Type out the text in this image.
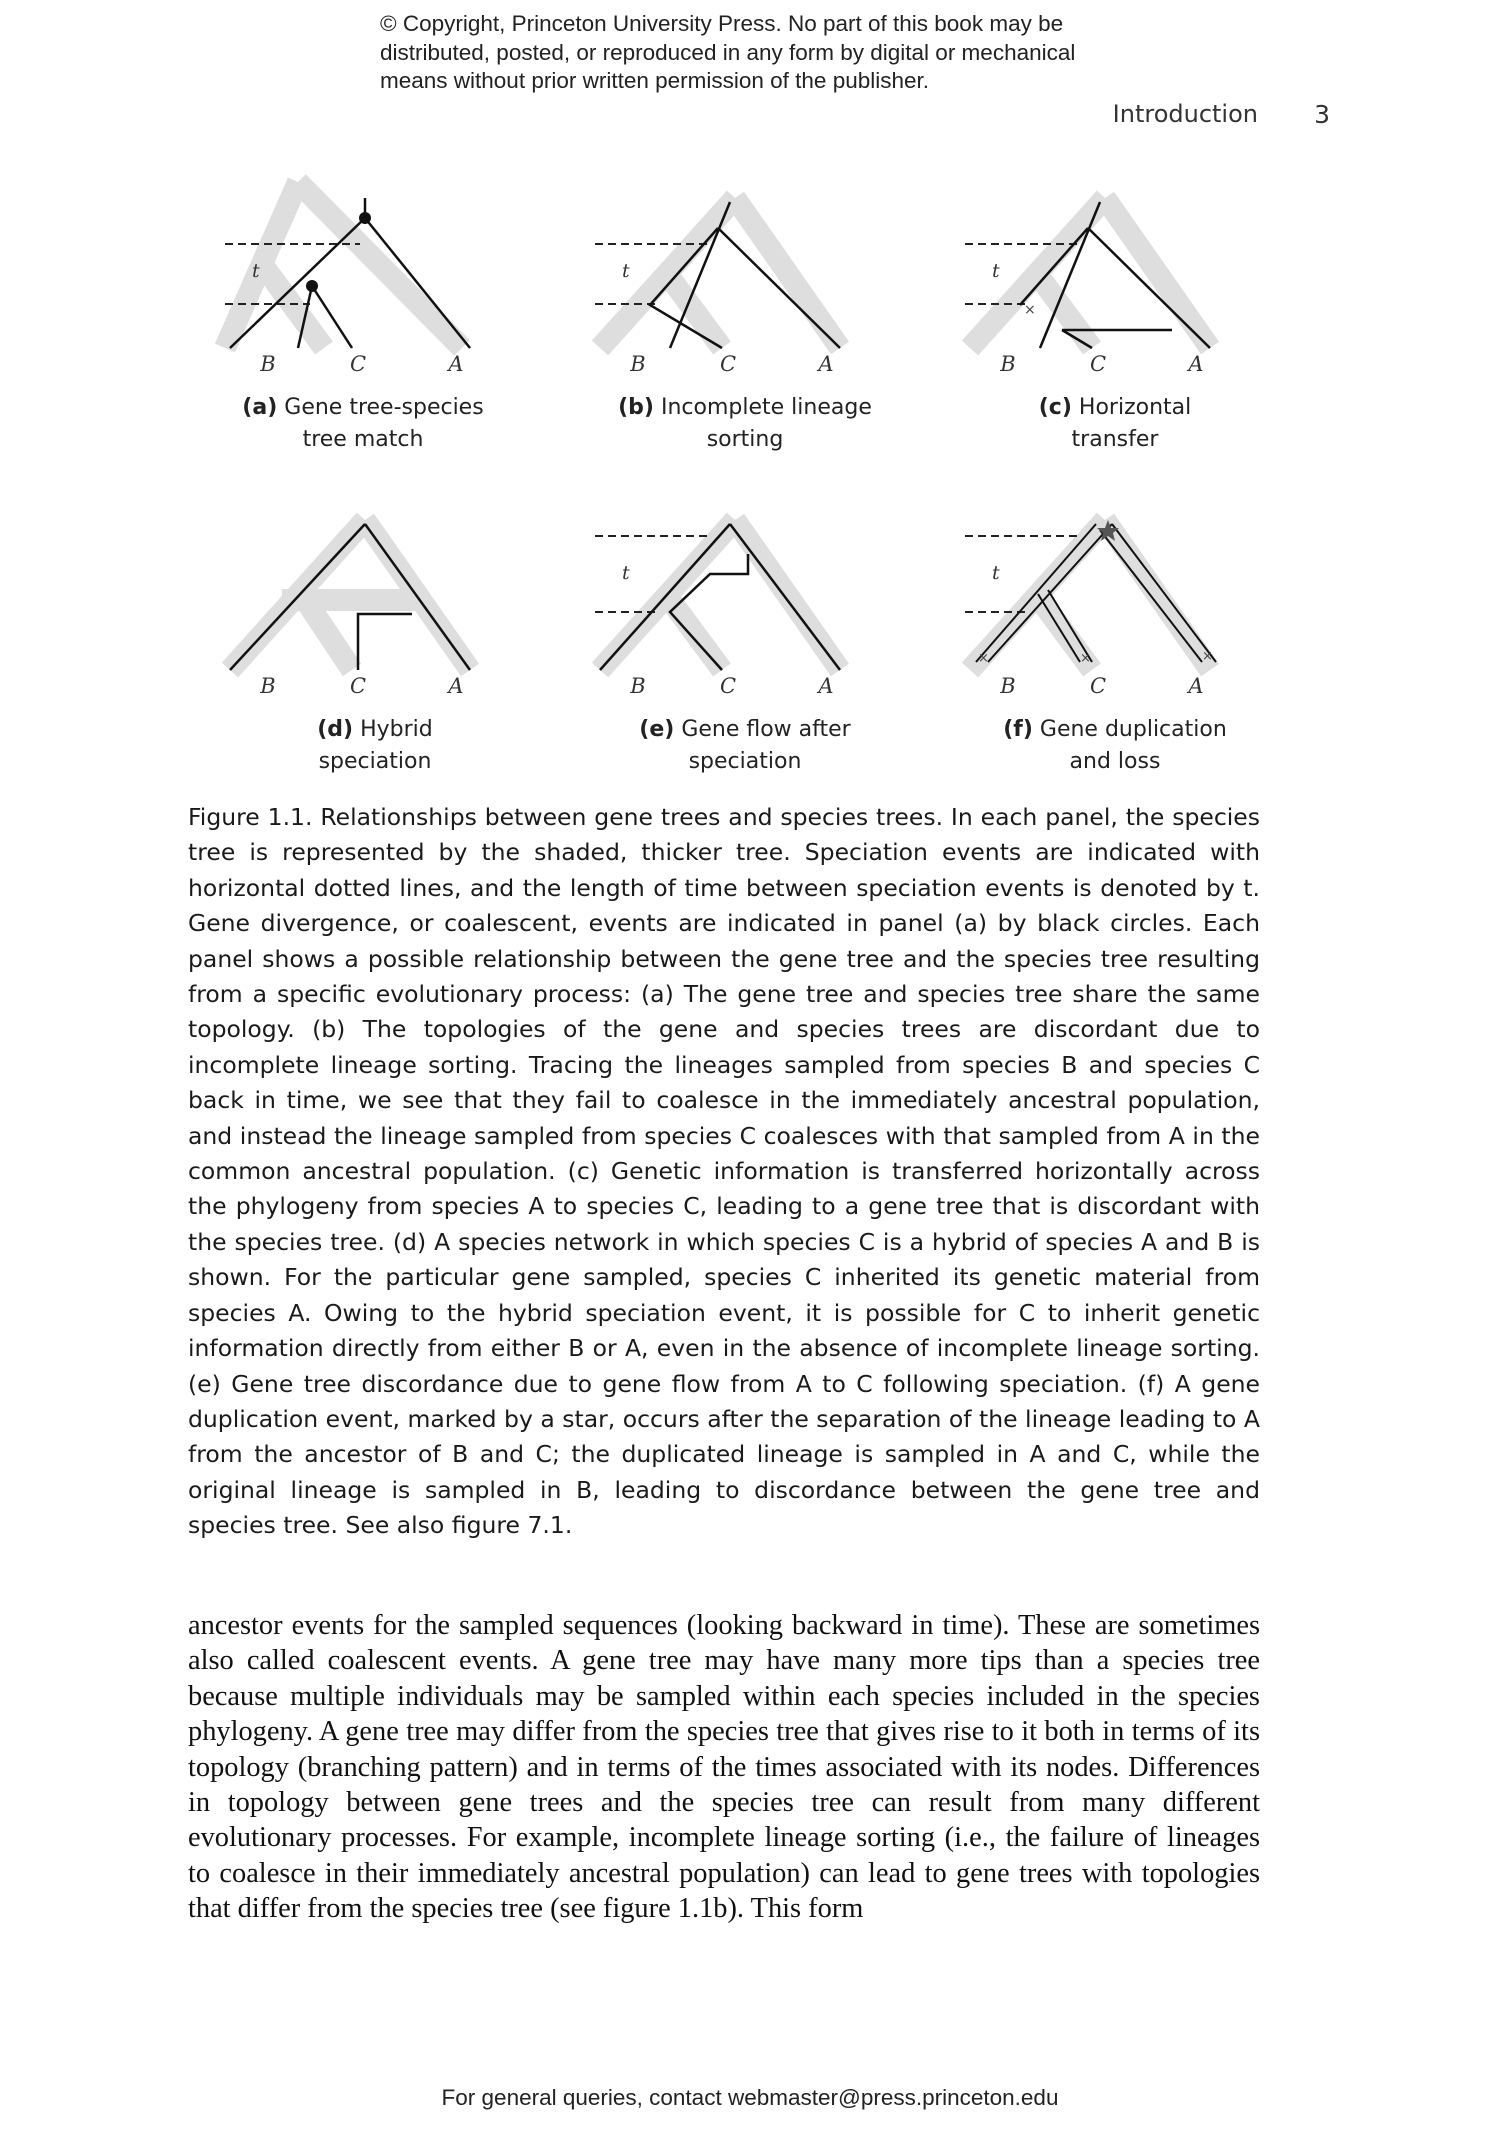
© Copyright, Princeton University Press. No part of this book may be
distributed, posted, or reproduced in any form by digital or mechanical
means without prior written permission of the publisher.
Introduction 3
t
B	C	A
(a) Gene tree-species
tree match
t
B	C	A
(b) Incomplete lineage
sorting
×
t
B	C	A
(c) Horizontal
transfer
B	C	A
(d) Hybrid
speciation
t
B	C	A
(e) Gene flow after
speciation
×	×	×
t
B	C	A
(f) Gene duplication
and loss

Figure 1.1. Relationships between gene trees and species trees. In each panel, the species tree is represented by the shaded, thicker tree. Speciation events are indicated with horizontal dotted lines, and the length of time between speciation events is denoted by t. Gene divergence, or coalescent, events are indicated in panel (a) by black circles. Each panel shows a possible relationship between the gene tree and the species tree resulting from a specific evolutionary process: (a) The gene tree and species tree share the same topology. (b) The topologies of the gene and species trees are discordant due to incomplete lineage sorting. Tracing the lineages sampled from species B and species C back in time, we see that they fail to coalesce in the immediately ancestral population, and instead the lineage sampled from species C coalesces with that sampled from A in the common ancestral population. (c) Genetic information is transferred horizontally across the phylogeny from species A to species C, leading to a gene tree that is discordant with the species tree. (d) A species network in which species C is a hybrid of species A and B is shown. For the particular gene sampled, species C inherited its genetic material from species A. Owing to the hybrid speciation event, it is possible for C to inherit genetic information directly from either B or A, even in the absence of incomplete lineage sorting. (e) Gene tree discordance due to gene flow from A to C following speciation. (f) A gene duplication event, marked by a star, occurs after the separation of the lineage leading to A from the ancestor of B and C; the duplicated lineage is sampled in A and C, while the original lineage is sampled in B, leading to discordance between the gene tree and species tree. See also figure 7.1.

ancestor events for the sampled sequences (looking backward in time). These are sometimes also called coalescent events. A gene tree may have many more tips than a species tree because multiple individuals may be sampled within each species included in the species phylogeny. A gene tree may differ from the species tree that gives rise to it both in terms of its topology (branching pattern) and in terms of the times associated with its nodes. Differences in topology between gene trees and the species tree can result from many different evolutionary processes. For example, incomplete lineage sorting (i.e., the failure of lineages to coalesce in their immediately ancestral population) can lead to gene trees with topologies that differ from the species tree (see figure 1.1b). This form

For general queries, contact webmaster@press.princeton.edu
